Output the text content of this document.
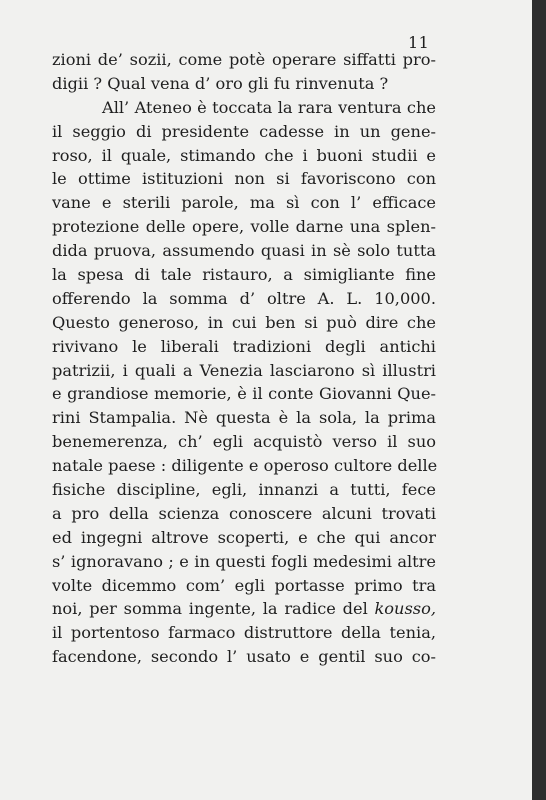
11
zioni de’ sozii, come potè operare siffatti pro-
digii ? Qual vena d’ oro gli fu rinvenuta ?
All’ Ateneo è toccata la rara ventura che
il seggio di presidente cadesse in un gene-
roso, il quale, stimando che i buoni studii e
le ottime istituzioni non si favoriscono con
vane e sterili parole, ma sì con l’ efficace
protezione delle opere, volle darne una splen-
dida pruova, assumendo quasi in sè solo tutta
la spesa di tale ristauro, a simigliante fine
offerendo la somma d’ oltre A. L. 10,000.
Questo generoso, in cui ben si può dire che
rivivano le liberali tradizioni degli antichi
patrizii, i quali a Venezia lasciarono sì illustri
e grandiose memorie, è il conte Giovanni Que-
rini Stampalia. Nè questa è la sola, la prima
benemerenza, ch’ egli acquistò verso il suo
natale paese : diligente e operoso cultore delle
fisiche discipline, egli, innanzi a tutti, fece
a pro della scienza conoscere alcuni trovati
ed ingegni altrove scoperti, e che qui ancor
s’ ignoravano ; e in questi fogli medesimi altre
volte dicemmo com’ egli portasse primo tra
noi, per somma ingente, la radice del kousso,
il portentoso farmaco distruttore della tenia,
facendone, secondo l’ usato e gentil suo co-
